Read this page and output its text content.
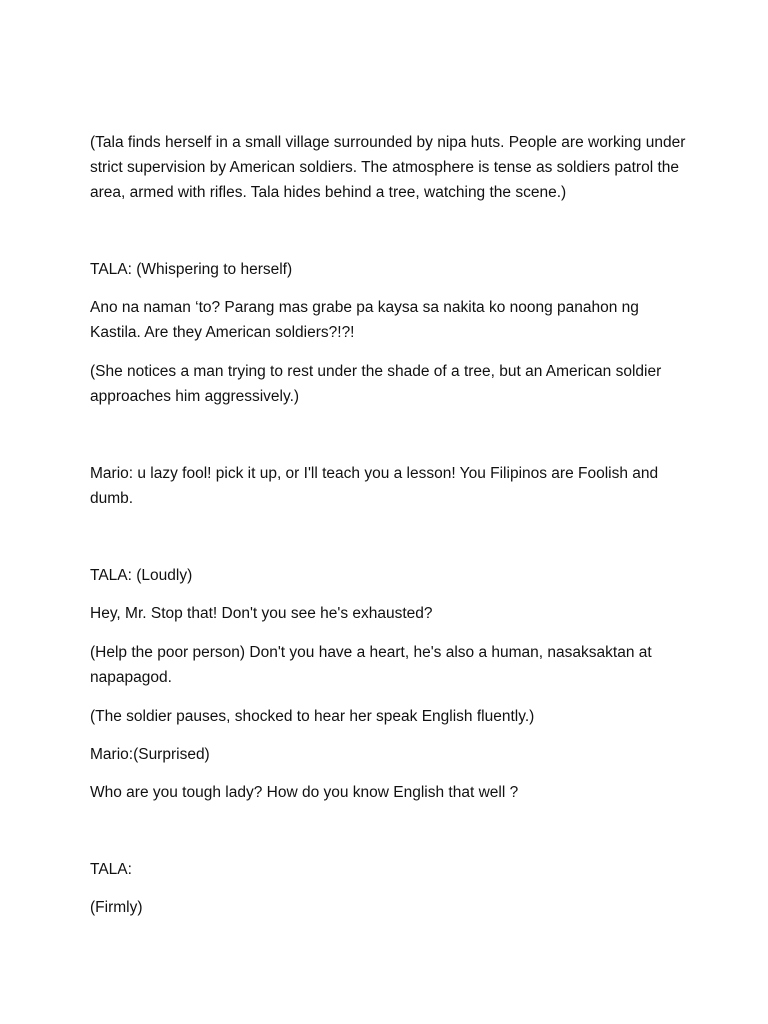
(Tala finds herself in a small village surrounded by nipa huts. People are working under strict supervision by American soldiers. The atmosphere is tense as soldiers patrol the area, armed with rifles. Tala hides behind a tree, watching the scene.)

TALA: (Whispering to herself)

Ano na naman ‘to? Parang mas grabe pa kaysa sa nakita ko noong panahon ng Kastila. Are they American soldiers?!?!

(She notices a man trying to rest under the shade of a tree, but an American soldier approaches him aggressively.)

Mario: u lazy fool! pick it up, or I'll teach you a lesson! You Filipinos are Foolish and dumb.

TALA: (Loudly)

Hey, Mr. Stop that! Don't you see he's exhausted?

(Help the poor person) Don't you have a heart, he's also a human, nasaksaktan at napapagod.

(The soldier pauses, shocked to hear her speak English fluently.)

Mario:(Surprised)

Who are you tough lady? How do you know English that well ?

TALA:

(Firmly)
